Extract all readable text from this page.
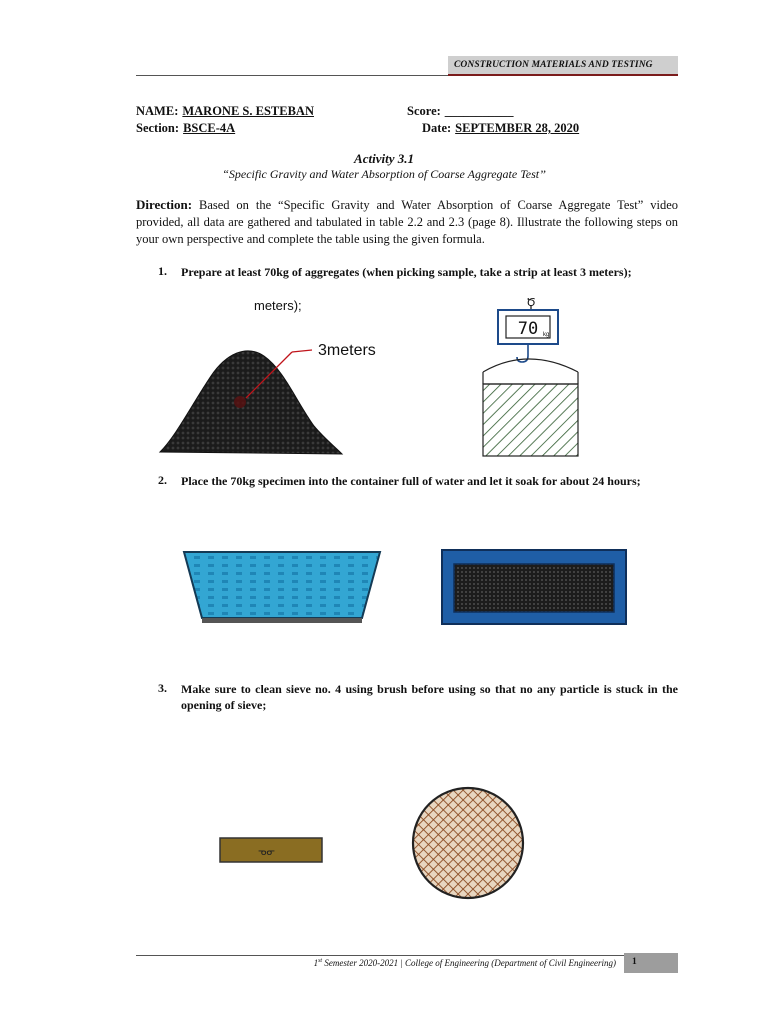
CONSTRUCTION MATERIALS AND TESTING
NAME: MARONE S. ESTEBAN	Score: ___________
Section: BSCE-4A	Date: SEPTEMBER 28, 2020
Activity 3.1
“Specific Gravity and Water Absorption of Coarse Aggregate Test’’
Direction: Based on the “Specific Gravity and Water Absorption of Coarse Aggregate Test” video provided, all data are gathered and tabulated in table 2.2 and 2.3 (page 8). Illustrate the following steps on your own perspective and complete the table using the given formula.
1. Prepare at least 70kg of aggregates (when picking sample, take a strip at least 3 meters);
meters);
3meters
Ծ
70 kg
2. Place the 70kg specimen into the container full of water and let it soak for about 24 hours;
3. Make sure to clean sieve no. 4 using brush before using so that no any particle is stuck in the opening of sieve;
ᓀᓂ
1st Semester 2020-2021 | College of Engineering (Department of Civil Engineering)	1
